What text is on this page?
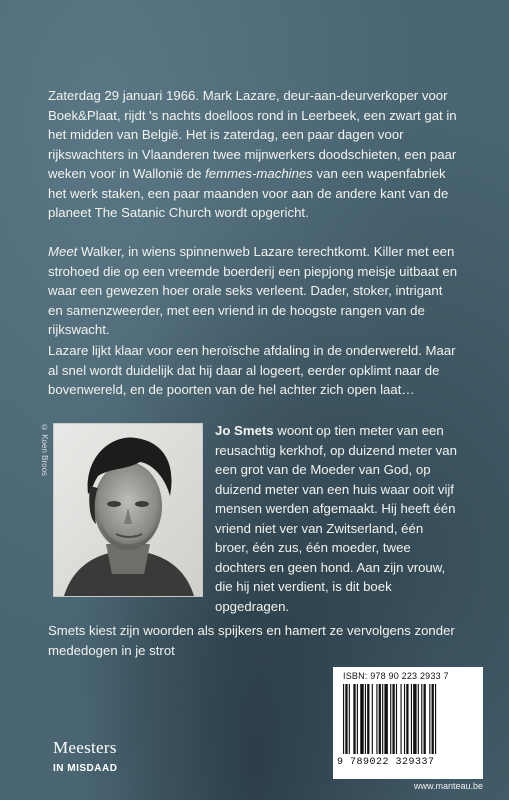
Zaterdag 29 januari 1966. Mark Lazare, deur-aan-deurverkoper voor Boek&Plaat, rijdt 's nachts doelloos rond in Leerbeek, een zwart gat in het midden van België. Het is zaterdag, een paar dagen voor rijkswachters in Vlaanderen twee mijnwerkers doodschieten, een paar weken voor in Wallonië de femmes-machines van een wapenfabriek het werk staken, een paar maanden voor aan de andere kant van de planeet The Satanic Church wordt opgericht.

Meet Walker, in wiens spinnenweb Lazare terechtkomt. Killer met een strohoed die op een vreemde boerderij een piepjong meisje uitbaat en waar een gewezen hoer orale seks verleent. Dader, stoker, intrigant en samenzweerder, met een vriend in de hoogste rangen van de rijkswacht.

Lazare lijkt klaar voor een heroïsche afdaling in de onderwereld. Maar al snel wordt duidelijk dat hij daar al logeert, eerder opklimt naar de bovenwereld, en de poorten van de hel achter zich open laat…

© Koen Broos	Jo Smets woont op tien meter van een reusachtig kerkhof, op duizend meter van een grot van de Moeder van God, op duizend meter van een huis waar ooit vijf mensen werden afgemaakt. Hij heeft één vriend niet ver van Zwitserland, één broer, één zus, één moeder, twee dochters en geen hond. Aan zijn vrouw, die hij niet verdient, is dit boek opgedragen.

Smets kiest zijn woorden als spijkers en hamert ze vervolgens zonder mededogen in je strot

Meesters
IN MISDAAD
ISBN: 978 90 223 2933 7
9 789022 329337
www.manteau.be
